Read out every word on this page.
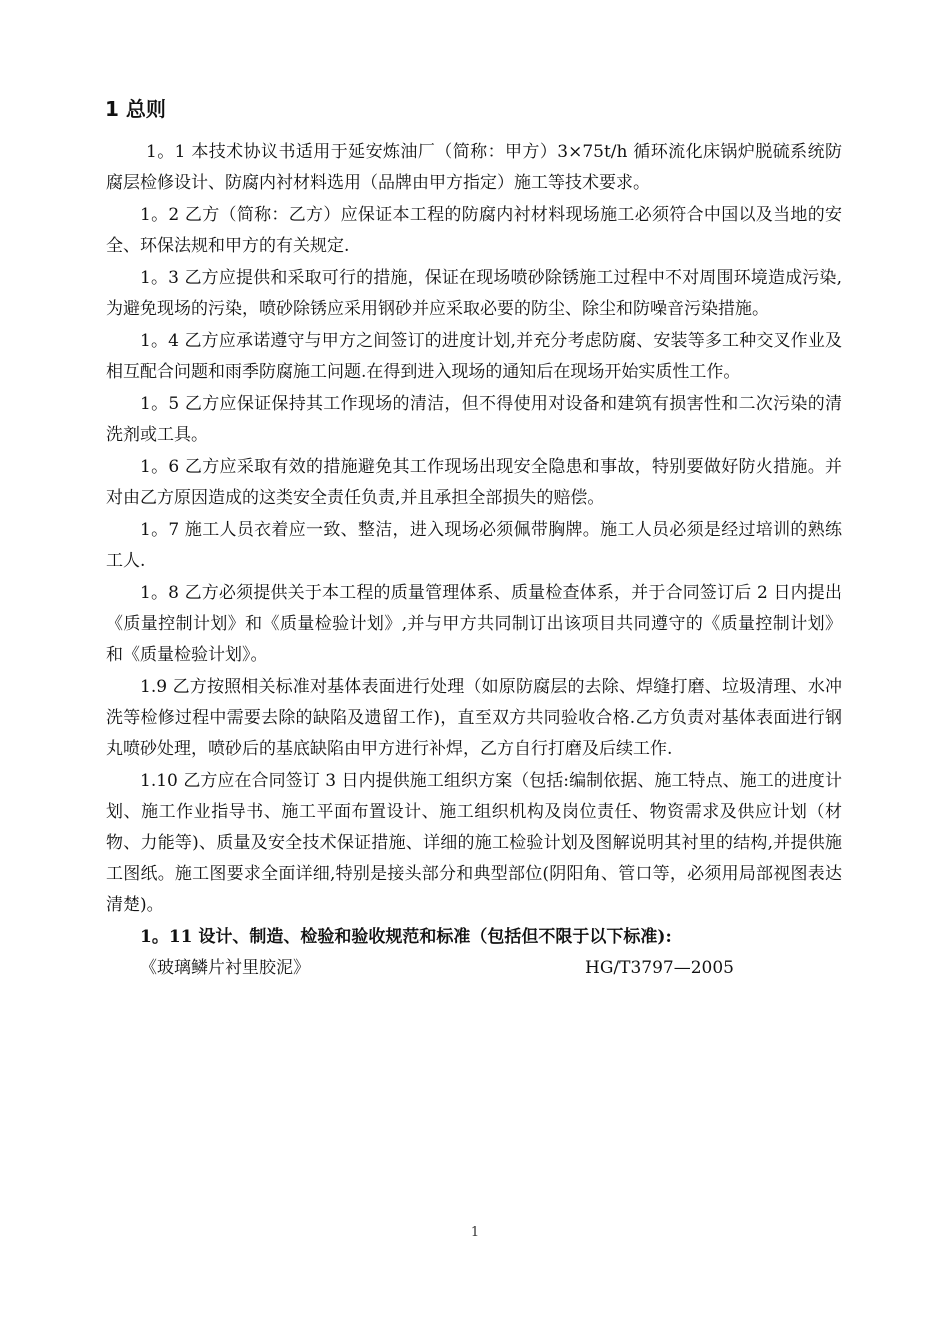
1 总则

1。1 本技术协议书适用于延安炼油厂（简称：甲方）3×75t/h 循环流化床锅炉脱硫系统防腐层检修设计、防腐内衬材料选用（品牌由甲方指定）施工等技术要求。

1。2 乙方（简称：乙方）应保证本工程的防腐内衬材料现场施工必须符合中国以及当地的安全、环保法规和甲方的有关规定.

1。3 乙方应提供和采取可行的措施，保证在现场喷砂除锈施工过程中不对周围环境造成污染,为避免现场的污染，喷砂除锈应采用钢砂并应采取必要的防尘、除尘和防噪音污染措施。

1。4 乙方应承诺遵守与甲方之间签订的进度计划,并充分考虑防腐、安装等多工种交叉作业及相互配合问题和雨季防腐施工问题.在得到进入现场的通知后在现场开始实质性工作。

1。5 乙方应保证保持其工作现场的清洁，但不得使用对设备和建筑有损害性和二次污染的清洗剂或工具。

1。6 乙方应采取有效的措施避免其工作现场出现安全隐患和事故，特别要做好防火措施。并对由乙方原因造成的这类安全责任负责,并且承担全部损失的赔偿。

1。7 施工人员衣着应一致、整洁，进入现场必须佩带胸牌。施工人员必须是经过培训的熟练工人.

1。8 乙方必须提供关于本工程的质量管理体系、质量检查体系，并于合同签订后 2 日内提出《质量控制计划》和《质量检验计划》,并与甲方共同制订出该项目共同遵守的《质量控制计划》和《质量检验计划》。

1.9 乙方按照相关标准对基体表面进行处理（如原防腐层的去除、焊缝打磨、垃圾清理、水冲洗等检修过程中需要去除的缺陷及遗留工作)，直至双方共同验收合格.乙方负责对基体表面进行钢丸喷砂处理，喷砂后的基底缺陷由甲方进行补焊，乙方自行打磨及后续工作.

1.10 乙方应在合同签订 3 日内提供施工组织方案（包括:编制依据、施工特点、施工的进度计划、施工作业指导书、施工平面布置设计、施工组织机构及岗位责任、物资需求及供应计划（材物、力能等)、质量及安全技术保证措施、详细的施工检验计划及图解说明其衬里的结构,并提供施工图纸。施工图要求全面详细,特别是接头部分和典型部位(阴阳角、管口等，必须用局部视图表达清楚)。

1。11 设计、制造、检验和验收规范和标准（包括但不限于以下标准):

《玻璃鳞片衬里胶泥》	HG/T3797—2005
1
